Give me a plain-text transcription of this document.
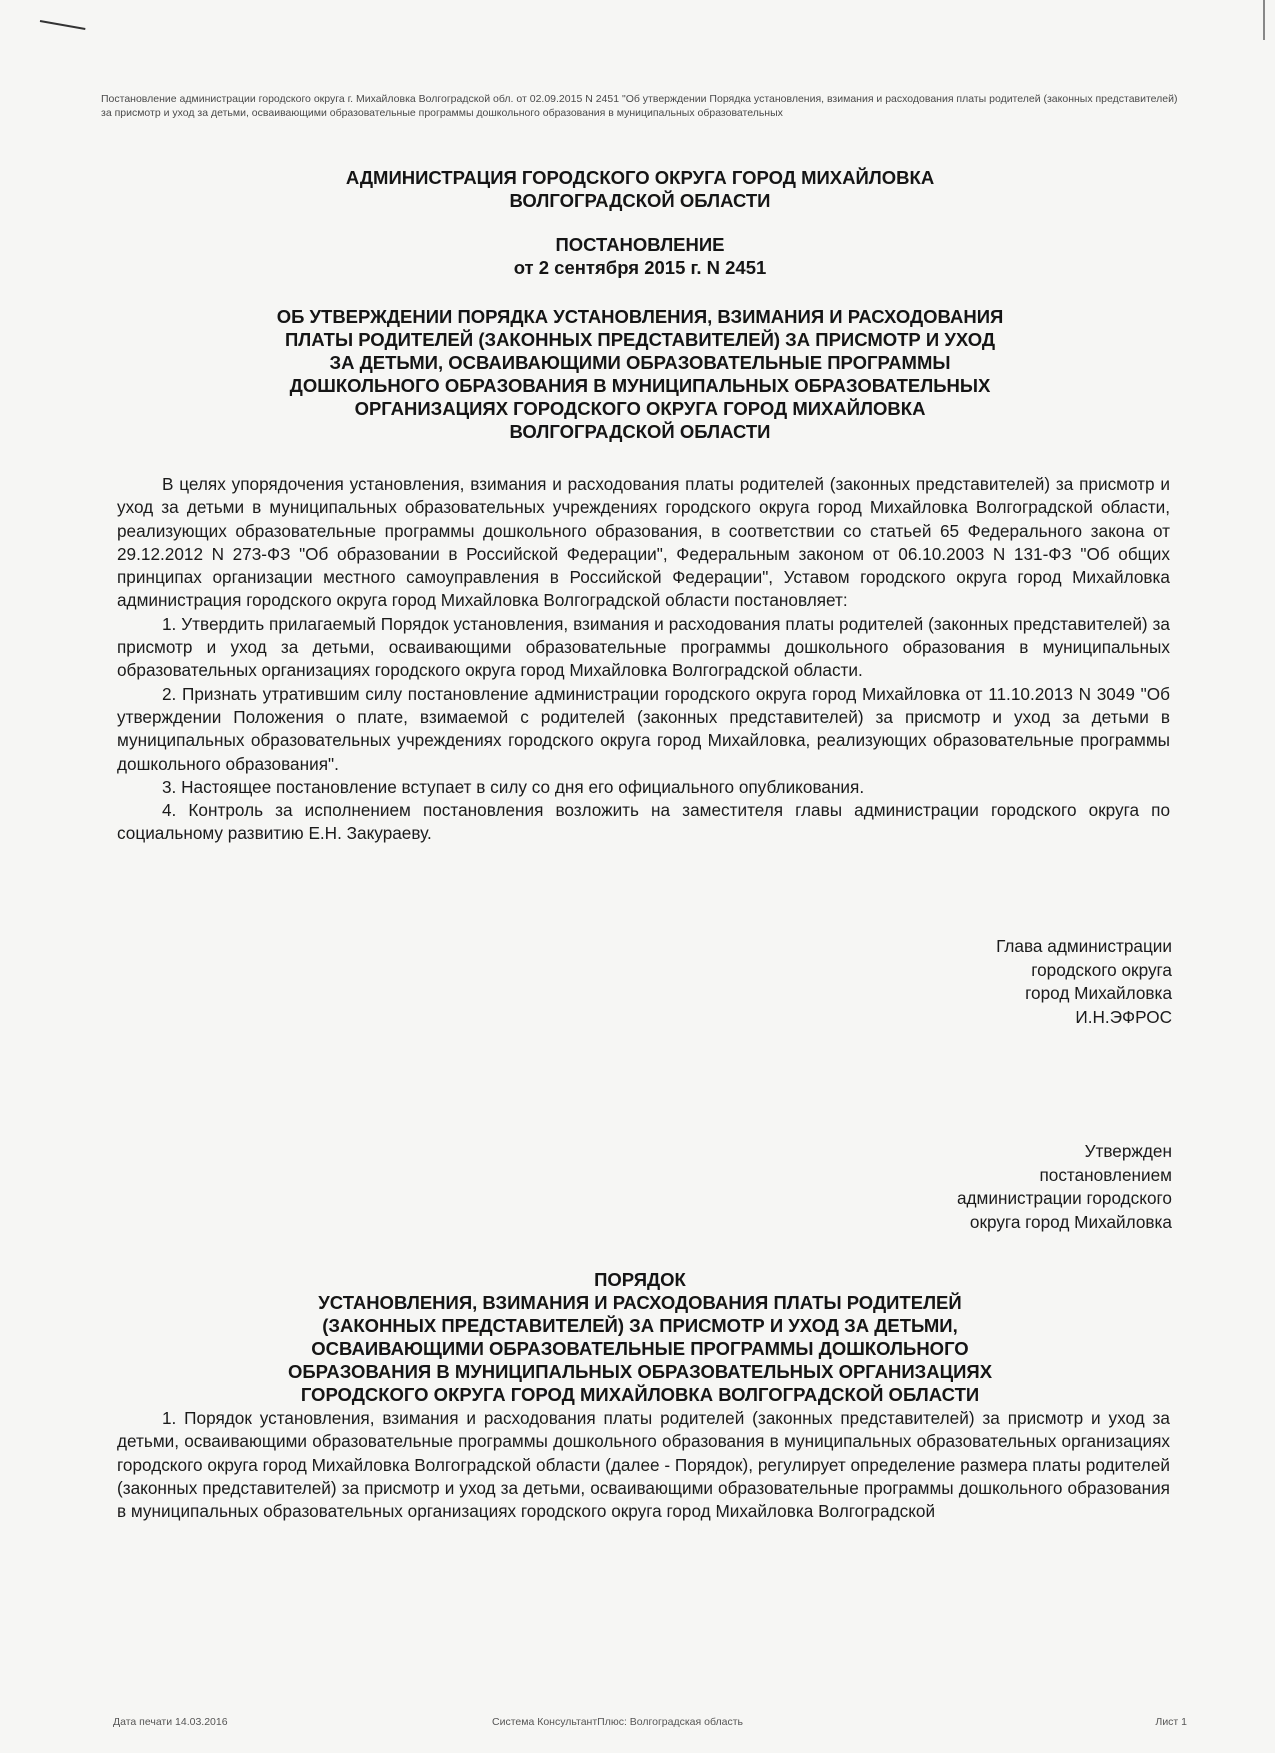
Постановление администрации городского округа г. Михайловка Волгоградской обл. от 02.09.2015 N 2451 "Об утверждении Порядка установления, взимания и расходования платы родителей (законных представителей) за присмотр и уход за детьми, осваивающими образовательные программы дошкольного образования в муниципальных образовательных
АДМИНИСТРАЦИЯ ГОРОДСКОГО ОКРУГА ГОРОД МИХАЙЛОВКА
ВОЛГОГРАДСКОЙ ОБЛАСТИ
ПОСТАНОВЛЕНИЕ
от 2 сентября 2015 г. N 2451
ОБ УТВЕРЖДЕНИИ ПОРЯДКА УСТАНОВЛЕНИЯ, ВЗИМАНИЯ И РАСХОДОВАНИЯ
ПЛАТЫ РОДИТЕЛЕЙ (ЗАКОННЫХ ПРЕДСТАВИТЕЛЕЙ) ЗА ПРИСМОТР И УХОД
ЗА ДЕТЬМИ, ОСВАИВАЮЩИМИ ОБРАЗОВАТЕЛЬНЫЕ ПРОГРАММЫ
ДОШКОЛЬНОГО ОБРАЗОВАНИЯ В МУНИЦИПАЛЬНЫХ ОБРАЗОВАТЕЛЬНЫХ
ОРГАНИЗАЦИЯХ ГОРОДСКОГО ОКРУГА ГОРОД МИХАЙЛОВКА
ВОЛГОГРАДСКОЙ ОБЛАСТИ

В целях упорядочения установления, взимания и расходования платы родителей (законных представителей) за присмотр и уход за детьми в муниципальных образовательных учреждениях городского округа город Михайловка Волгоградской области, реализующих образовательные программы дошкольного образования, в соответствии со статьей 65 Федерального закона от 29.12.2012 N 273-ФЗ "Об образовании в Российской Федерации", Федеральным законом от 06.10.2003 N 131-ФЗ "Об общих принципах организации местного самоуправления в Российской Федерации", Уставом городского округа город Михайловка администрация городского округа город Михайловка Волгоградской области постановляет:

1. Утвердить прилагаемый Порядок установления, взимания и расходования платы родителей (законных представителей) за присмотр и уход за детьми, осваивающими образовательные программы дошкольного образования в муниципальных образовательных организациях городского округа город Михайловка Волгоградской области.

2. Признать утратившим силу постановление администрации городского округа город Михайловка от 11.10.2013 N 3049 "Об утверждении Положения о плате, взимаемой с родителей (законных представителей) за присмотр и уход за детьми в муниципальных образовательных учреждениях городского округа город Михайловка, реализующих образовательные программы дошкольного образования".

3. Настоящее постановление вступает в силу со дня его официального опубликования.

4. Контроль за исполнением постановления возложить на заместителя главы администрации городского округа по социальному развитию Е.Н. Закураеву.

Глава администрации
городского округа
город Михайловка
И.Н.ЭФРОС
Утвержден
постановлением
администрации городского
округа город Михайловка
ПОРЯДОК
УСТАНОВЛЕНИЯ, ВЗИМАНИЯ И РАСХОДОВАНИЯ ПЛАТЫ РОДИТЕЛЕЙ
(ЗАКОННЫХ ПРЕДСТАВИТЕЛЕЙ) ЗА ПРИСМОТР И УХОД ЗА ДЕТЬМИ,
ОСВАИВАЮЩИМИ ОБРАЗОВАТЕЛЬНЫЕ ПРОГРАММЫ ДОШКОЛЬНОГО
ОБРАЗОВАНИЯ В МУНИЦИПАЛЬНЫХ ОБРАЗОВАТЕЛЬНЫХ ОРГАНИЗАЦИЯХ
ГОРОДСКОГО ОКРУГА ГОРОД МИХАЙЛОВКА ВОЛГОГРАДСКОЙ ОБЛАСТИ

1. Порядок установления, взимания и расходования платы родителей (законных представителей) за присмотр и уход за детьми, осваивающими образовательные программы дошкольного образования в муниципальных образовательных организациях городского округа город Михайловка Волгоградской области (далее - Порядок), регулирует определение размера платы родителей (законных представителей) за присмотр и уход за детьми, осваивающими образовательные программы дошкольного образования в муниципальных образовательных организациях городского округа город Михайловка Волгоградской

Дата печати 14.03.2016	Система КонсультантПлюс: Волгоградская область	Лист 1
